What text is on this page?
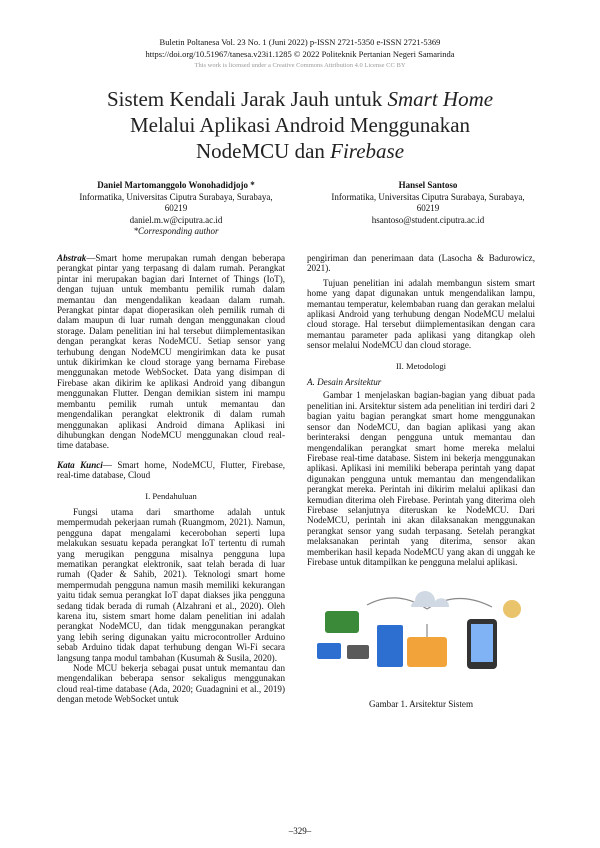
Buletin Poltanesa Vol. 23 No. 1 (Juni 2022) p-ISSN 2721-5350 e-ISSN 2721-5369
https://doi.org/10.51967/tanesa.v23i1.1285 © 2022 Politeknik Pertanian Negeri Samarinda
This work is licensed under a Creative Commons Attribution 4.0 License CC BY
Sistem Kendali Jarak Jauh untuk Smart Home
Melalui Aplikasi Android Menggunakan
NodeMCU dan Firebase
Daniel Martomanggolo Wonohadidjojo *
Informatika, Universitas Ciputra Surabaya, Surabaya,
60219
daniel.m.w@ciputra.ac.id
*Corresponding author
Hansel Santoso
Informatika, Universitas Ciputra Surabaya, Surabaya,
60219
hsantoso@student.ciputra.ac.id

Abstrak—Smart home merupakan rumah dengan beberapa perangkat pintar yang terpasang di dalam rumah. Perangkat pintar ini merupakan bagian dari Internet of Things (IoT), dengan tujuan untuk membantu pemilik rumah dalam memantau dan mengendalikan keadaan dalam rumah. Perangkat pintar dapat dioperasikan oleh pemilik rumah di dalam maupun di luar rumah dengan menggunakan cloud storage. Dalam penelitian ini hal tersebut diimplementasikan dengan perangkat keras NodeMCU. Setiap sensor yang terhubung dengan NodeMCU mengirimkan data ke pusat untuk dikirimkan ke cloud storage yang bernama Firebase menggunakan metode WebSocket. Data yang disimpan di Firebase akan dikirim ke aplikasi Android yang dibangun menggunakan Flutter. Dengan demikian sistem ini mampu membantu pemilik rumah untuk memantau dan mengendalikan perangkat elektronik di dalam rumah menggunakan aplikasi Android dimana Aplikasi ini dihubungkan dengan NodeMCU menggunakan cloud real-time database.

Kata Kunci— Smart home, NodeMCU, Flutter, Firebase, real-time database, Cloud

I. Pendahuluan

Fungsi utama dari smarthome adalah untuk mempermudah pekerjaan rumah (Ruangmom, 2021). Namun, pengguna dapat mengalami kecerobohan seperti lupa melakukan sesuatu kepada perangkat IoT tertentu di rumah yang merugikan pengguna misalnya pengguna lupa mematikan perangkat elektronik, saat telah berada di luar rumah (Qader & Sahib, 2021). Teknologi smart home mempermudah pengguna namun masih memiliki kekurangan yaitu tidak semua perangkat IoT dapat diakses jika pengguna sedang tidak berada di rumah (Alzahrani et al., 2020). Oleh karena itu, sistem smart home dalam penelitian ini adalah perangkat NodeMCU, dan tidak menggunakan perangkat yang lebih sering digunakan yaitu microcontroller Arduino sebab Arduino tidak dapat terhubung dengan Wi-Fi secara langsung tanpa modul tambahan (Kusumah & Susila, 2020).

Node MCU bekerja sebagai pusat untuk memantau dan mengendalikan beberapa sensor sekaligus menggunakan cloud real-time database (Ada, 2020; Guadagnini et al., 2019) dengan metode WebSocket untuk

pengiriman dan penerimaan data (Lasocha & Badurowicz, 2021).

Tujuan penelitian ini adalah membangun sistem smart home yang dapat digunakan untuk mengendalikan lampu, memantau temperatur, kelembaban ruang dan gerakan melalui aplikasi Android yang terhubung dengan NodeMCU melalui cloud storage. Hal tersebut diimplementasikan dengan cara memantau parameter pada aplikasi yang ditangkap oleh sensor melalui NodeMCU dan cloud storage.

II. Metodologi

A. Desain Arsitektur

Gambar 1 menjelaskan bagian-bagian yang dibuat pada penelitian ini. Arsitektur sistem ada penelitian ini terdiri dari 2 bagian yaitu bagian perangkat smart home menggunakan sensor dan NodeMCU, dan bagian aplikasi yang akan berinteraksi dengan pengguna untuk memantau dan mengendalikan perangkat smart home mereka melalui Firebase real-time database. Sistem ini bekerja menggunakan aplikasi. Aplikasi ini memiliki beberapa perintah yang dapat digunakan pengguna untuk memantau dan mengendalikan perangkat mereka. Perintah ini dikirim melalui aplikasi dan kemudian diterima oleh Firebase. Perintah yang diterima oleh Firebase selanjutnya diteruskan ke NodeMCU. Dari NodeMCU, perintah ini akan dilaksanakan menggunakan perangkat sensor yang sudah terpasang. Setelah perangkat melaksanakan perintah yang diterima, sensor akan memberikan hasil kepada NodeMCU yang akan di unggah ke Firebase untuk ditampilkan ke pengguna melalui aplikasi.

Gambar 1. Arsitektur Sistem

–329–
